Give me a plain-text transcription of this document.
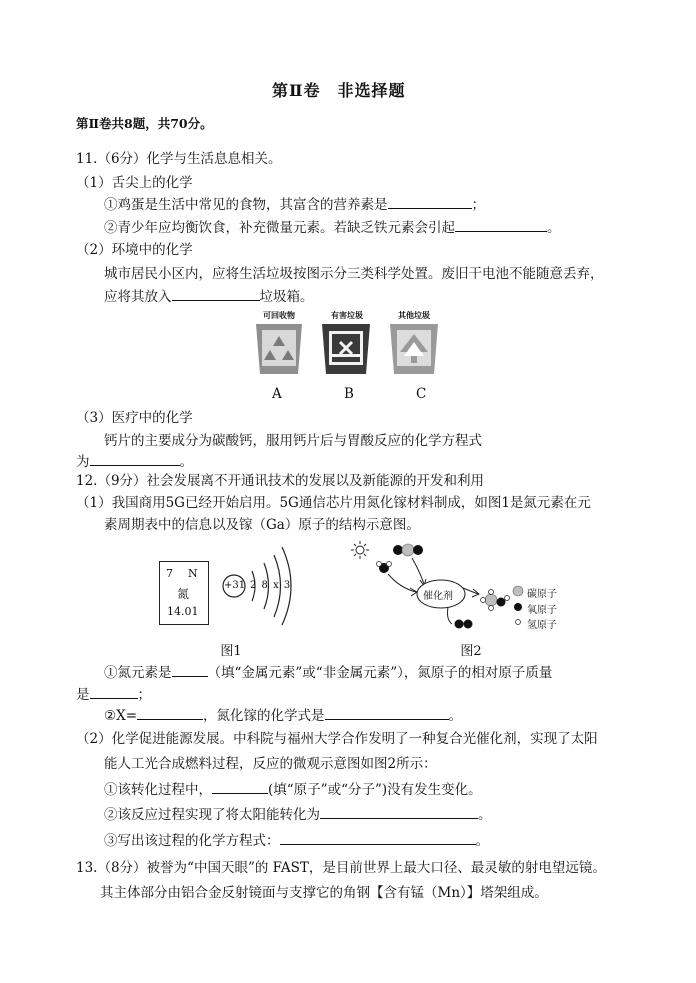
第Ⅱ卷　非选择题
第Ⅱ卷共8题，共70分。
11.（6分）化学与生活息息相关。
（1）舌尖上的化学
①鸡蛋是生活中常见的食物，其富含的营养素是	；
②青少年应均衡饮食，补充微量元素。若缺乏铁元素会引起	。
（2）环境中的化学
城市居民小区内，应将生活垃圾按图示分三类科学处置。废旧干电池不能随意丢弃，
应将其放入	垃圾箱。
可回收物	有害垃圾	其他垃圾
A	B	C
（3）医疗中的化学
钙片的主要成分为碳酸钙，服用钙片后与胃酸反应的化学方程式
为	。
12.（9分）社会发展离不开通讯技术的发展以及新能源的开发和利用
（1）我国商用5G已经开始启用。5G通信芯片用氮化镓材料制成，如图1是氮元素在元
素周期表中的信息以及镓（Ga）原子的结构示意图。
7 N
氮
14.01
+31 2 8 x 3
图1
催化剂	碳原子
氧原子
氢原子
图2
①氮元素是	（填“金属元素”或“非金属元素”），氮原子的相对原子质量
是	；
②X=	，氮化镓的化学式是	。
（2）化学促进能源发展。中科院与福州大学合作发明了一种复合光催化剂，实现了太阳
能人工光合成燃料过程，反应的微观示意图如图2所示：
①该转化过程中，	(填“原子”或“分子”)没有发生变化。
②该反应过程实现了将太阳能转化为	。
③写出该过程的化学方程式：	。
13.（8分）被誉为“中国天眼”的 FAST，是目前世界上最大口径、最灵敏的射电望远镜。
其主体部分由铝合金反射镜面与支撑它的角钢【含有锰（Mn）】塔架组成。
